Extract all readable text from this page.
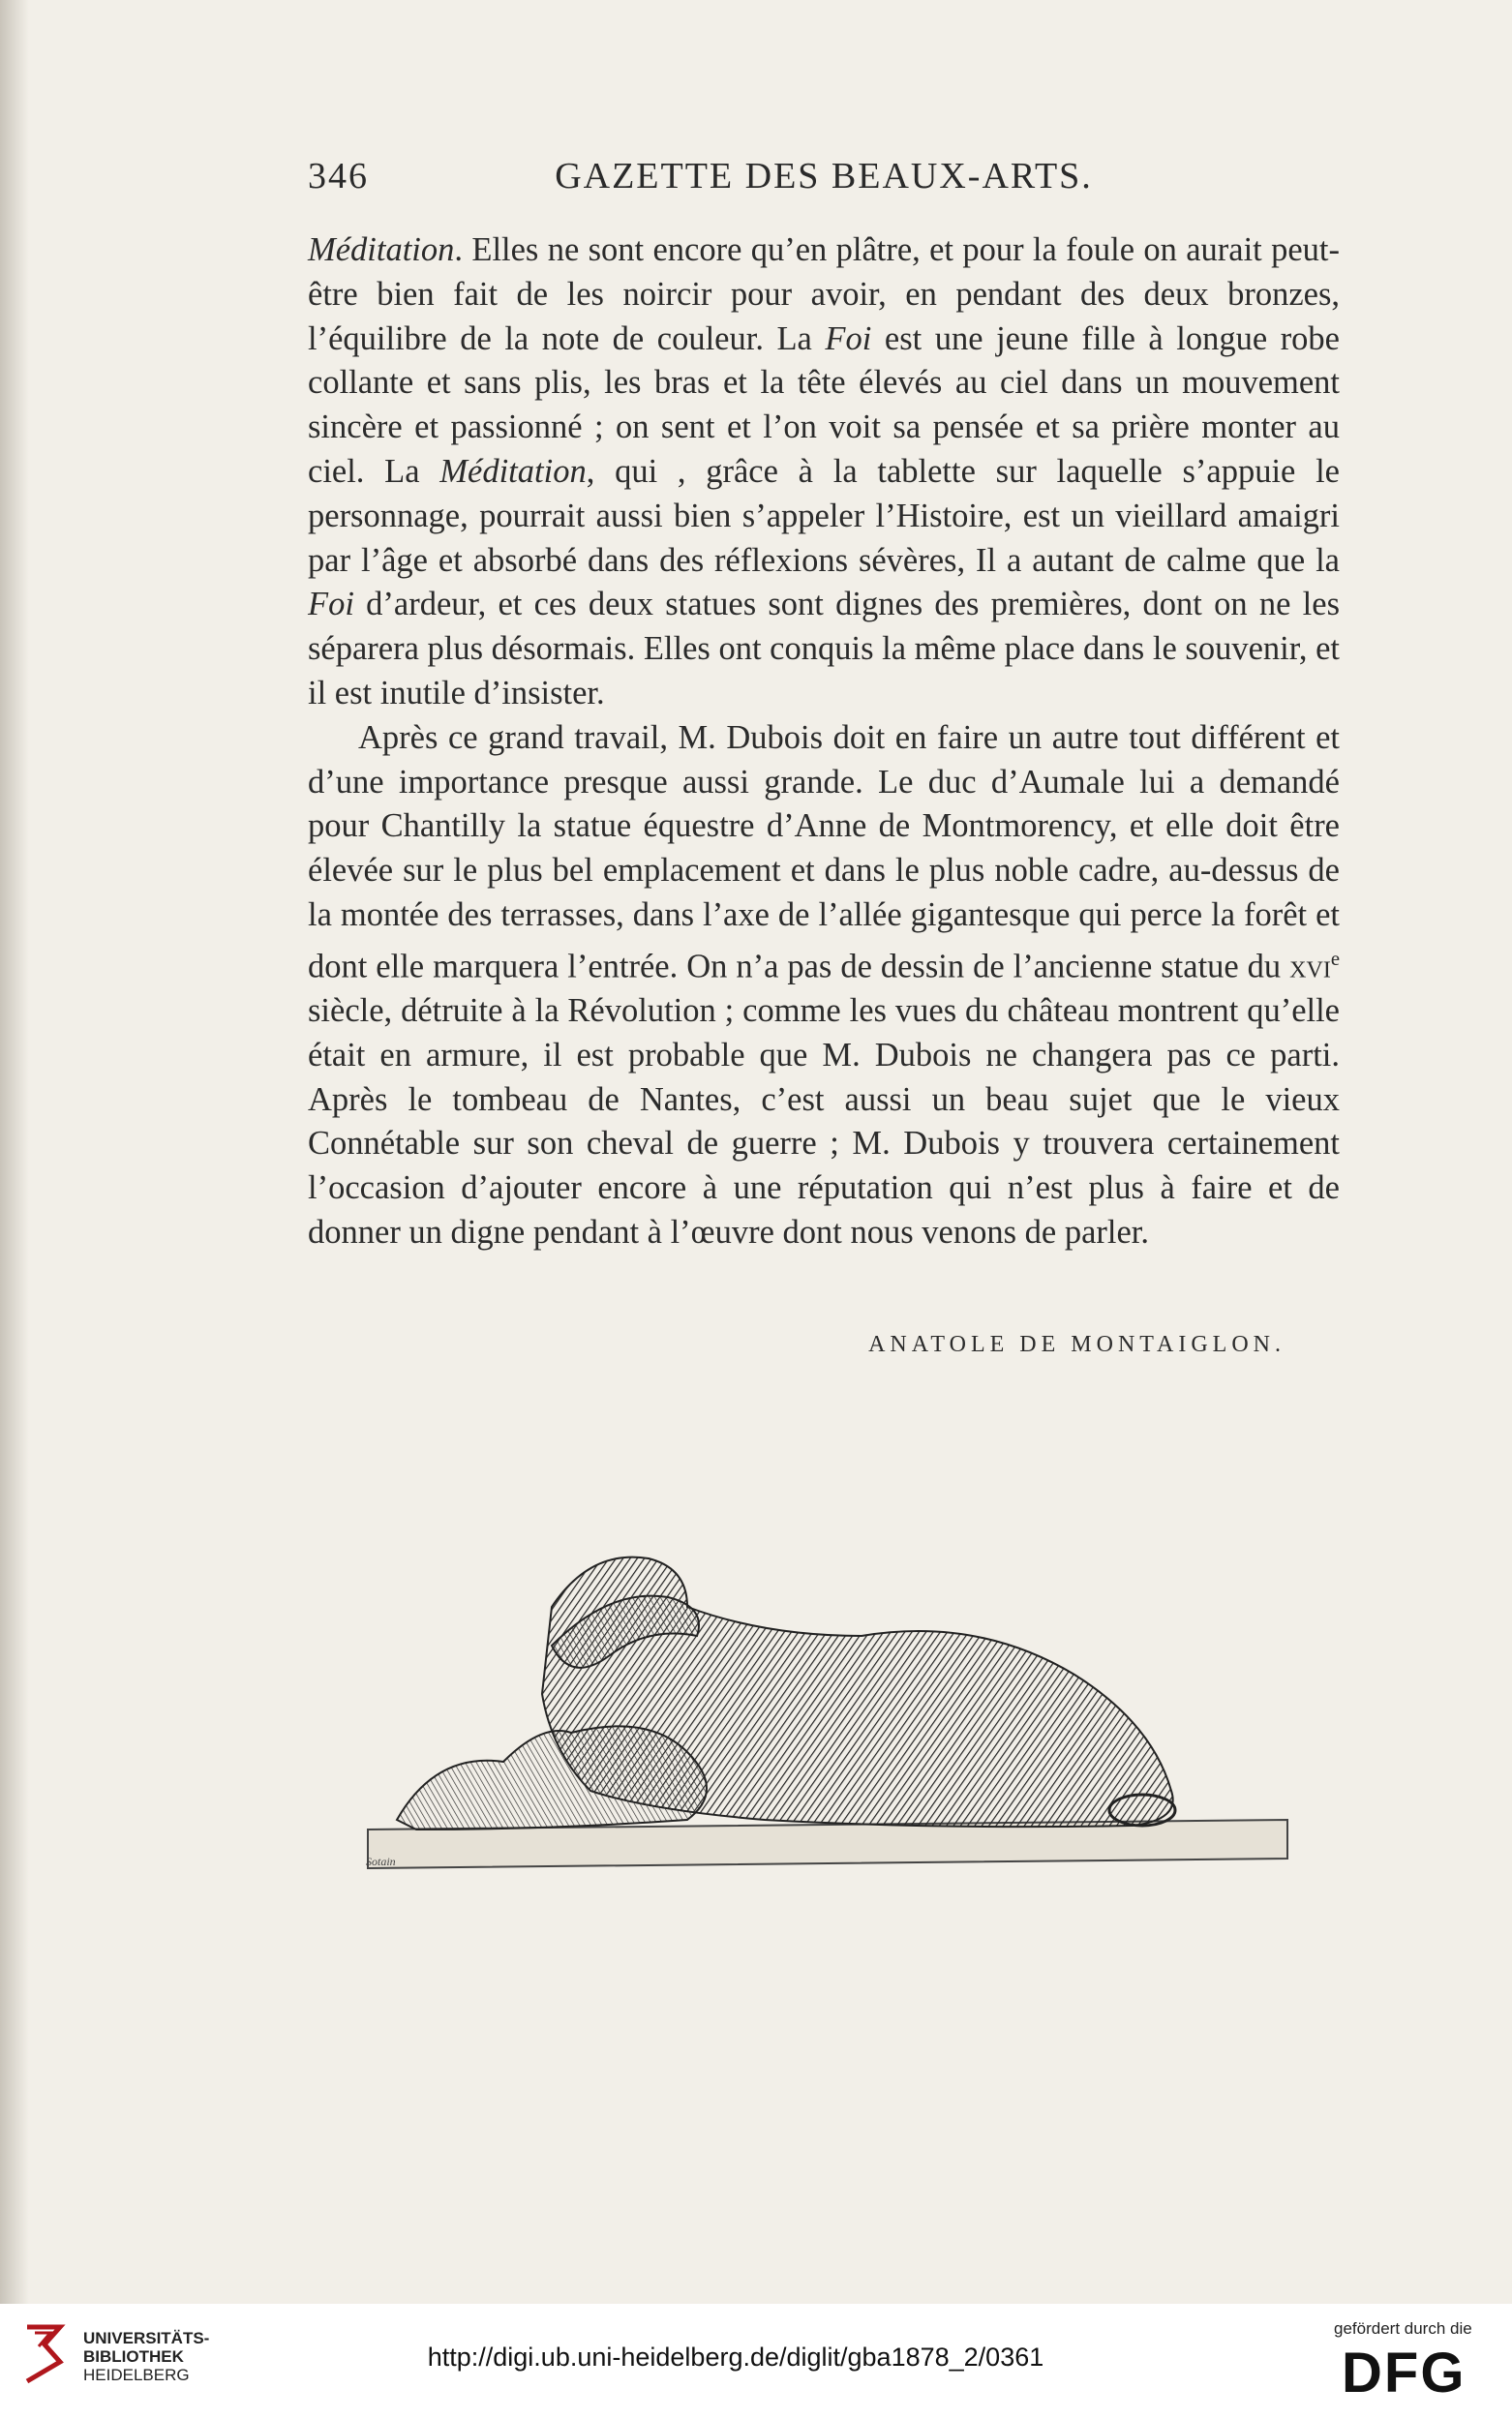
346	GAZETTE DES BEAUX-ARTS.

Méditation. Elles ne sont encore qu’en plâtre, et pour la foule on aurait peut-être bien fait de les noircir pour avoir, en pendant des deux bronzes, l’équilibre de la note de couleur. La Foi est une jeune fille à longue robe collante et sans plis, les bras et la tête élevés au ciel dans un mouvement sincère et passionné ; on sent et l’on voit sa pensée et sa prière monter au ciel. La Méditation, qui , grâce à la tablette sur laquelle s’appuie le personnage, pourrait aussi bien s’appeler l’Histoire, est un vieillard amaigri par l’âge et absorbé dans des réflexions sévères, Il a autant de calme que la Foi d’ardeur, et ces deux statues sont dignes des premières, dont on ne les séparera plus désormais. Elles ont conquis la même place dans le souvenir, et il est inutile d’insister.

Après ce grand travail, M. Dubois doit en faire un autre tout différent et d’une importance presque aussi grande. Le duc d’Aumale lui a demandé pour Chantilly la statue équestre d’Anne de Montmorency, et elle doit être élevée sur le plus bel emplacement et dans le plus noble cadre, au-dessus de la montée des terrasses, dans l’axe de l’allée gigantesque qui perce la forêt et dont elle marquera l’entrée. On n’a pas de dessin de l’ancienne statue du xvi$^e$ siècle, détruite à la Révolution ; comme les vues du château montrent qu’elle était en armure, il est probable que M. Dubois ne changera pas ce parti. Après le tombeau de Nantes, c’est aussi un beau sujet que le vieux Connétable sur son cheval de guerre ; M. Dubois y trouvera certainement l’occasion d’ajouter encore à une réputation qui n’est plus à faire et de donner un digne pendant à l’œuvre dont nous venons de parler.

ANATOLE DE MONTAIGLON.
Sotain
UNIVERSITÄTS-
BIBLIOTHEK
HEIDELBERG
http://digi.ub.uni-heidelberg.de/diglit/gba1878_2/0361
gefördert durch die
DFG
